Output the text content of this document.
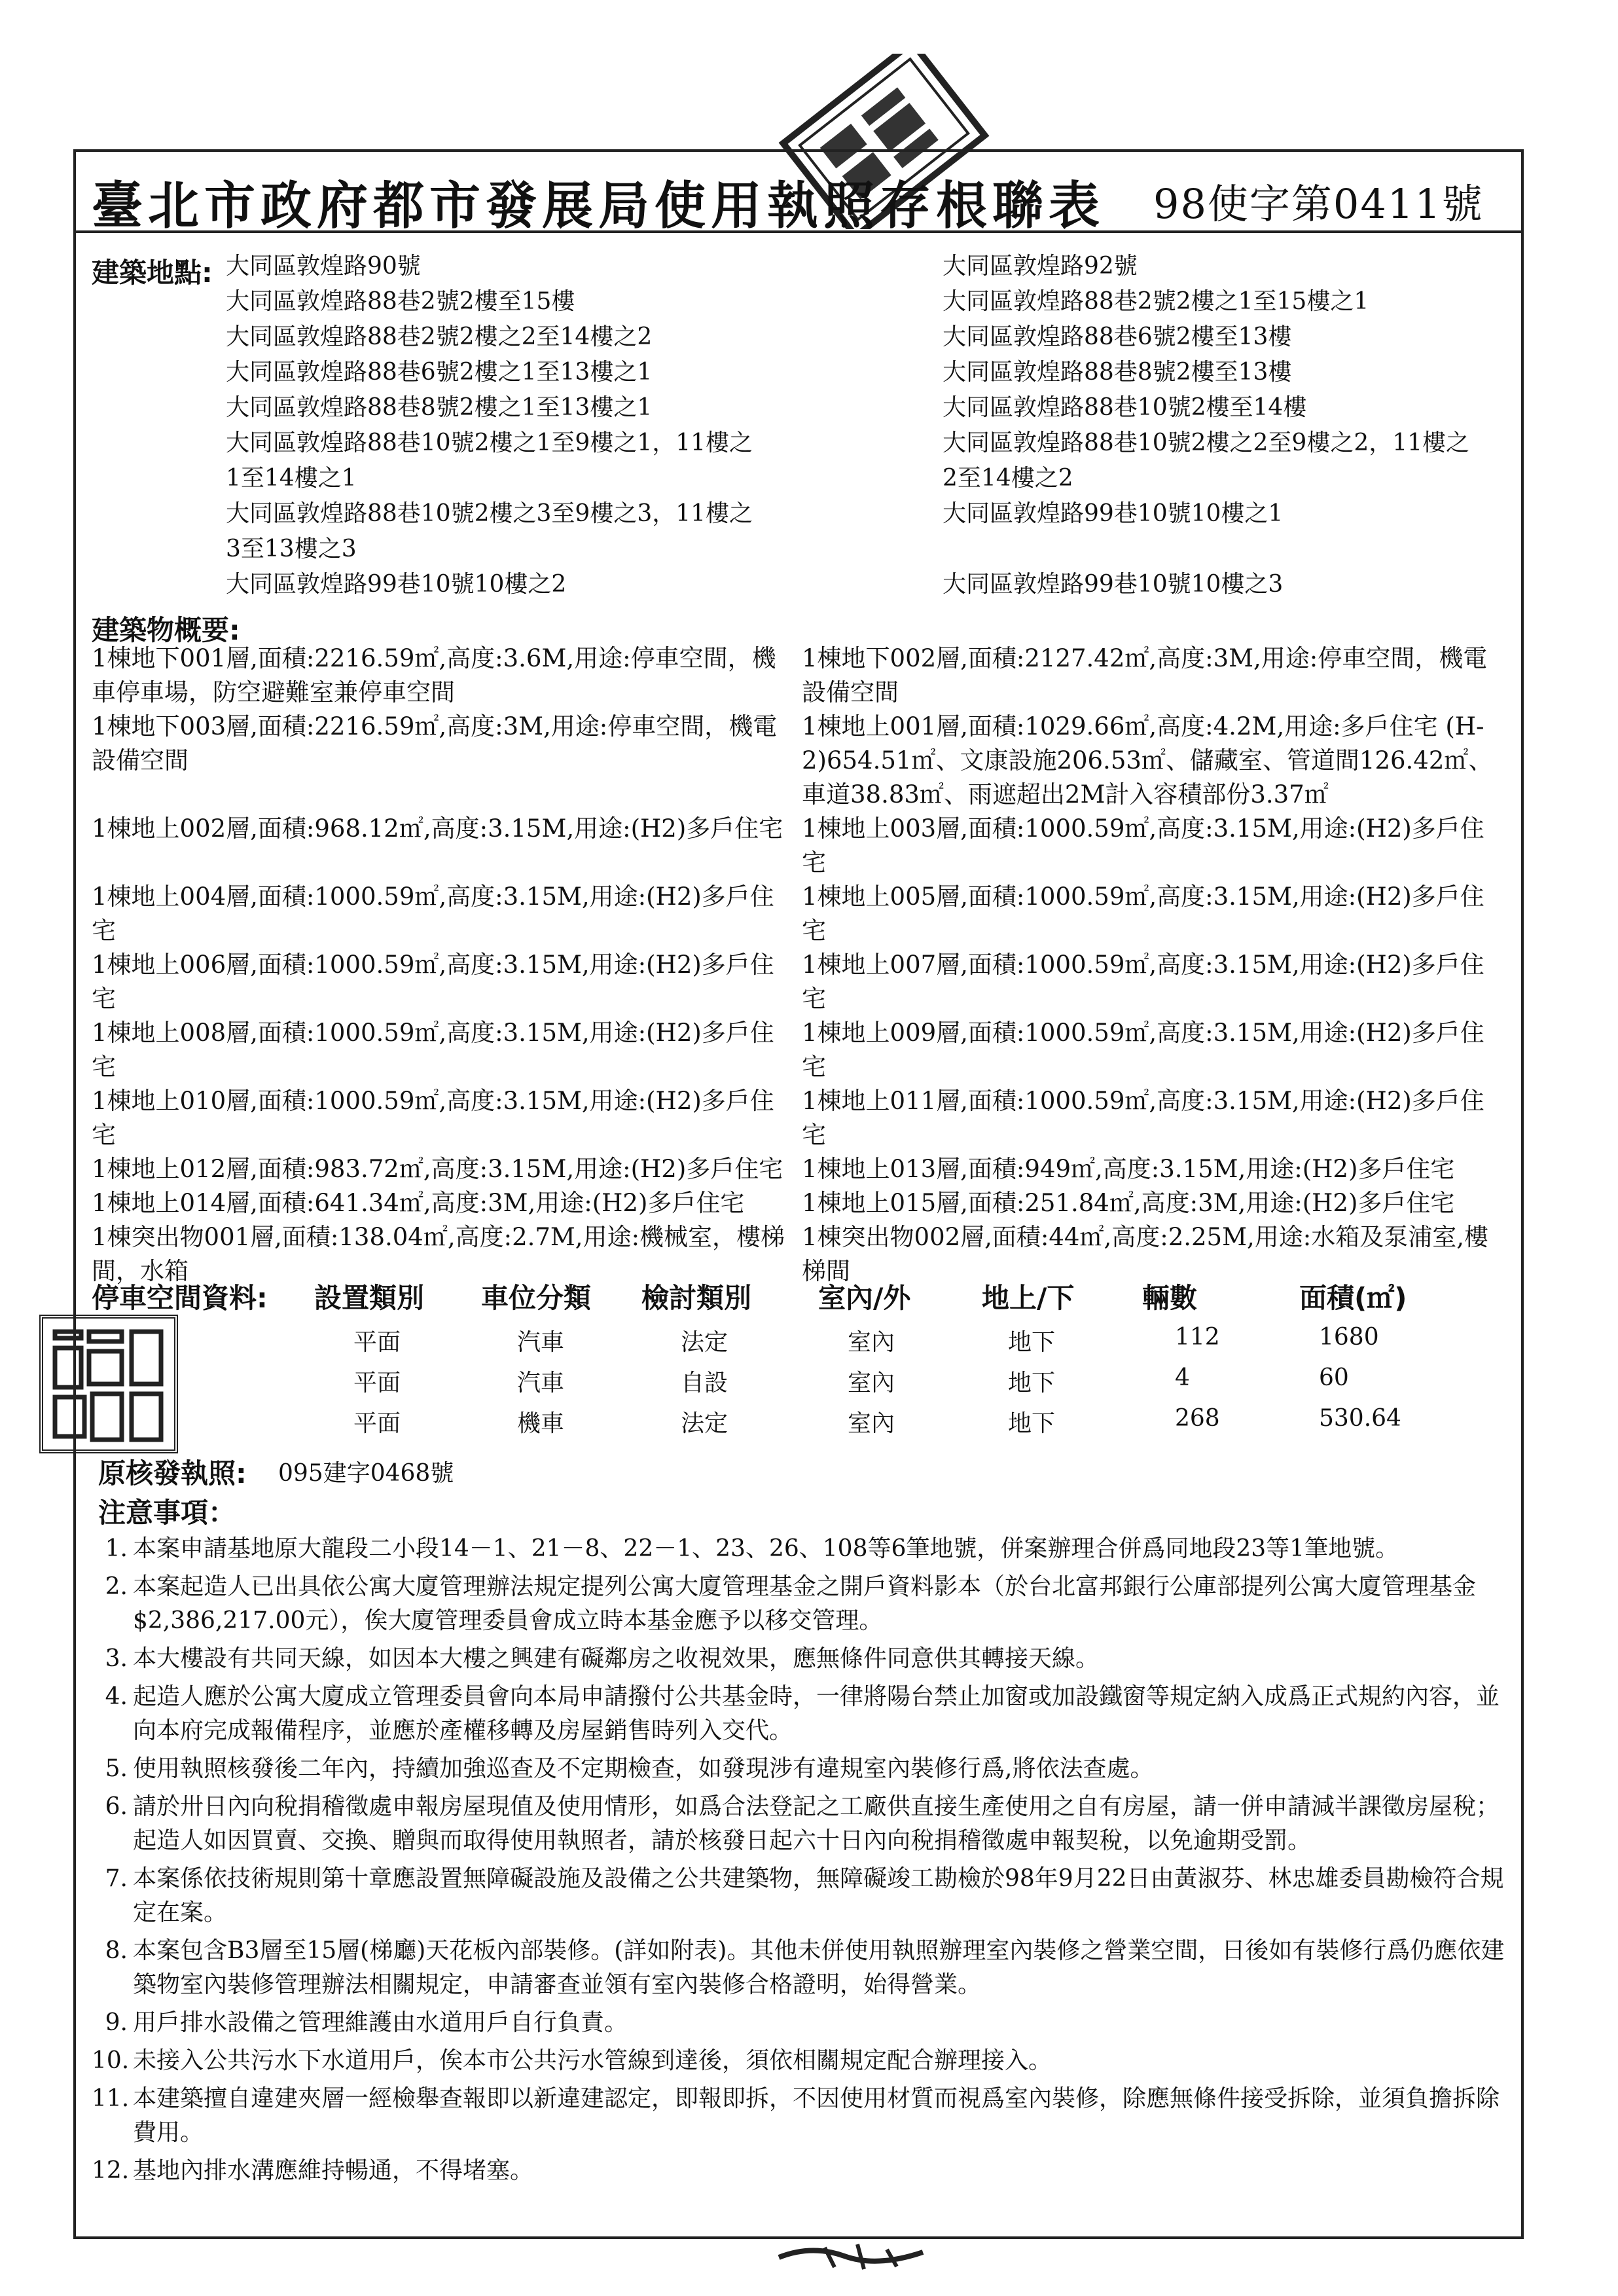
臺北市政府都市發展局使用執照存根聯表 98使字第0411號
建築地點: 大同區敦煌路90號
大同區敦煌路88巷2號2樓至15樓
大同區敦煌路88巷2號2樓之2至14樓之2
大同區敦煌路88巷6號2樓之1至13樓之1
大同區敦煌路88巷8號2樓之1至13樓之1
大同區敦煌路88巷10號2樓之1至9樓之1，11樓之
1至14樓之1
大同區敦煌路88巷10號2樓之3至9樓之3，11樓之
3至13樓之3
大同區敦煌路99巷10號10樓之2
大同區敦煌路92號
大同區敦煌路88巷2號2樓之1至15樓之1
大同區敦煌路88巷6號2樓至13樓
大同區敦煌路88巷8號2樓至13樓
大同區敦煌路88巷10號2樓至14樓
大同區敦煌路88巷10號2樓之2至9樓之2，11樓之
2至14樓之2
大同區敦煌路99巷10號10樓之1

大同區敦煌路99巷10號10樓之3
建築物概要:
1棟地下001層,面積:2216.59㎡,高度:3.6M,用途:停車空間，機車停車場，防空避難室兼停車空間
1棟地下002層,面積:2127.42㎡,高度:3M,用途:停車空間，機電設備空間
1棟地下003層,面積:2216.59㎡,高度:3M,用途:停車空間，機電設備空間
1棟地上001層,面積:1029.66㎡,高度:4.2M,用途:多戶住宅 (H-2)654.51㎡、文康設施206.53㎡、儲藏室、管道間126.42㎡、車道38.83㎡、雨遮超出2M計入容積部份3.37㎡
1棟地上002層,面積:968.12㎡,高度:3.15M,用途:(H2)多戶住宅 1棟地上003層,面積:1000.59㎡,高度:3.15M,用途:(H2)多戶住宅
1棟地上004層,面積:1000.59㎡,高度:3.15M,用途:(H2)多戶住宅
1棟地上005層,面積:1000.59㎡,高度:3.15M,用途:(H2)多戶住宅
1棟地上006層,面積:1000.59㎡,高度:3.15M,用途:(H2)多戶住宅
1棟地上007層,面積:1000.59㎡,高度:3.15M,用途:(H2)多戶住宅
1棟地上008層,面積:1000.59㎡,高度:3.15M,用途:(H2)多戶住宅
1棟地上009層,面積:1000.59㎡,高度:3.15M,用途:(H2)多戶住宅
1棟地上010層,面積:1000.59㎡,高度:3.15M,用途:(H2)多戶住宅
1棟地上011層,面積:1000.59㎡,高度:3.15M,用途:(H2)多戶住宅
1棟地上012層,面積:983.72㎡,高度:3.15M,用途:(H2)多戶住宅 1棟地上013層,面積:949㎡,高度:3.15M,用途:(H2)多戶住宅
1棟地上014層,面積:641.34㎡,高度:3M,用途:(H2)多戶住宅	1棟地上015層,面積:251.84㎡,高度:3M,用途:(H2)多戶住宅
1棟突出物001層,面積:138.04㎡,高度:2.7M,用途:機械室，樓梯間，水箱
1棟突出物002層,面積:44㎡,高度:2.25M,用途:水箱及泵浦室,樓梯間
停車空間資料: 設置類別 車位分類 檢討類別 室內/外	地上/下 輛數	面積(㎡)
平面	汽車	法定	室內	地下	112	1680
平面	汽車	自設	室內	地下	4	60
平面	機車	法定	室內	地下	268	530.64
原核發執照: 095建字0468號
注意事項：
1. 本案申請基地原大龍段二小段14－1、21－8、22－1、23、26、108等6筆地號，併案辦理合併爲同地段23等1筆地號。
2. 本案起造人已出具依公寓大廈管理辦法規定提列公寓大廈管理基金之開戶資料影本（於台北富邦銀行公庫部提列公寓大廈管理基金$2,386,217.00元），俟大廈管理委員會成立時本基金應予以移交管理。
3. 本大樓設有共同天線，如因本大樓之興建有礙鄰房之收視效果，應無條件同意供其轉接天線。
4. 起造人應於公寓大廈成立管理委員會向本局申請撥付公共基金時，一律將陽台禁止加窗或加設鐵窗等規定納入成爲正式規約內容，並向本府完成報備程序，並應於產權移轉及房屋銷售時列入交代。
5. 使用執照核發後二年內，持續加強巡查及不定期檢查，如發現涉有違規室內裝修行爲,將依法查處。
6. 請於卅日內向稅捐稽徵處申報房屋現值及使用情形，如爲合法登記之工廠供直接生產使用之自有房屋，請一併申請減半課徵房屋稅；起造人如因買賣、交換、贈與而取得使用執照者，請於核發日起六十日內向稅捐稽徵處申報契稅，以免逾期受罰。
7. 本案係依技術規則第十章應設置無障礙設施及設備之公共建築物，無障礙竣工勘檢於98年9月22日由黃淑芬、林忠雄委員勘檢符合規定在案。
8. 本案包含B3層至15層(梯廳)天花板內部裝修。(詳如附表)。其他未併使用執照辦理室內裝修之營業空間，日後如有裝修行爲仍應依建築物室內裝修管理辦法相關規定，申請審查並領有室內裝修合格證明，始得營業。
9. 用戶排水設備之管理維護由水道用戶自行負責。
10. 未接入公共污水下水道用戶，俟本市公共污水管線到達後，須依相關規定配合辦理接入。
11. 本建築擅自違建夾層一經檢舉查報即以新違建認定，即報即拆，不因使用材質而視爲室內裝修，除應無條件接受拆除，並須負擔拆除費用。
12. 基地內排水溝應維持暢通，不得堵塞。
